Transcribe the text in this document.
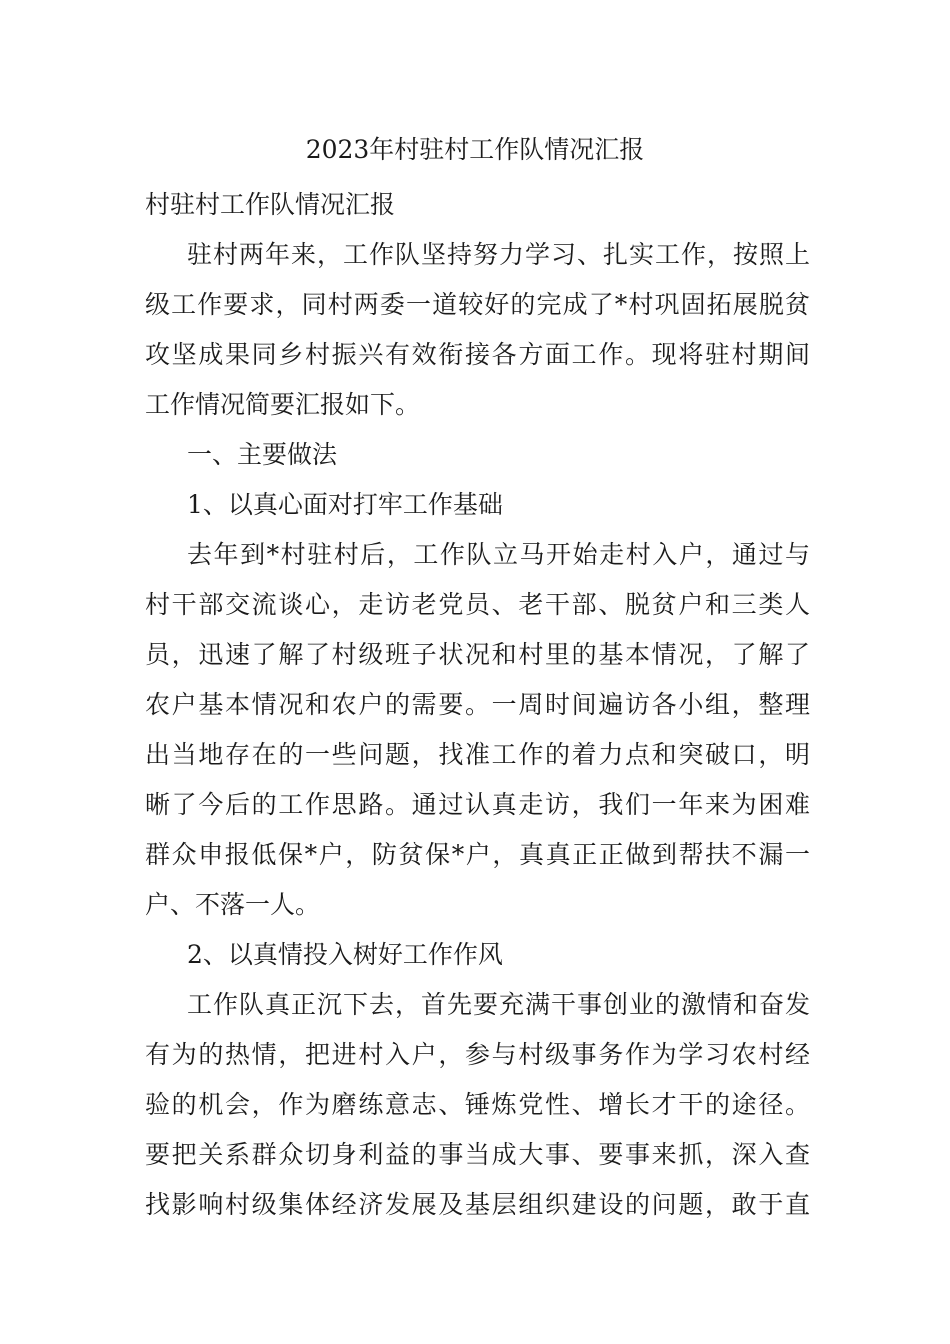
2023年村驻村工作队情况汇报

村驻村工作队情况汇报

驻村两年来，工作队坚持努力学习、扎实工作，按照上
级工作要求，同村两委一道较好的完成了*村巩固拓展脱贫
攻坚成果同乡村振兴有效衔接各方面工作。现将驻村期间
工作情况简要汇报如下。

一、主要做法

1、以真心面对打牢工作基础

去年到*村驻村后，工作队立马开始走村入户，通过与
村干部交流谈心，走访老党员、老干部、脱贫户和三类人
员，迅速了解了村级班子状况和村里的基本情况，了解了
农户基本情况和农户的需要。一周时间遍访各小组，整理
出当地存在的一些问题，找准工作的着力点和突破口，明
晰了今后的工作思路。通过认真走访，我们一年来为困难
群众申报低保*户，防贫保*户，真真正正做到帮扶不漏一
户、不落一人。

2、以真情投入树好工作作风

工作队真正沉下去，首先要充满干事创业的激情和奋发
有为的热情，把进村入户，参与村级事务作为学习农村经
验的机会，作为磨练意志、锤炼党性、增长才干的途径。
要把关系群众切身利益的事当成大事、要事来抓，深入查
找影响村级集体经济发展及基层组织建设的问题，敢于直
